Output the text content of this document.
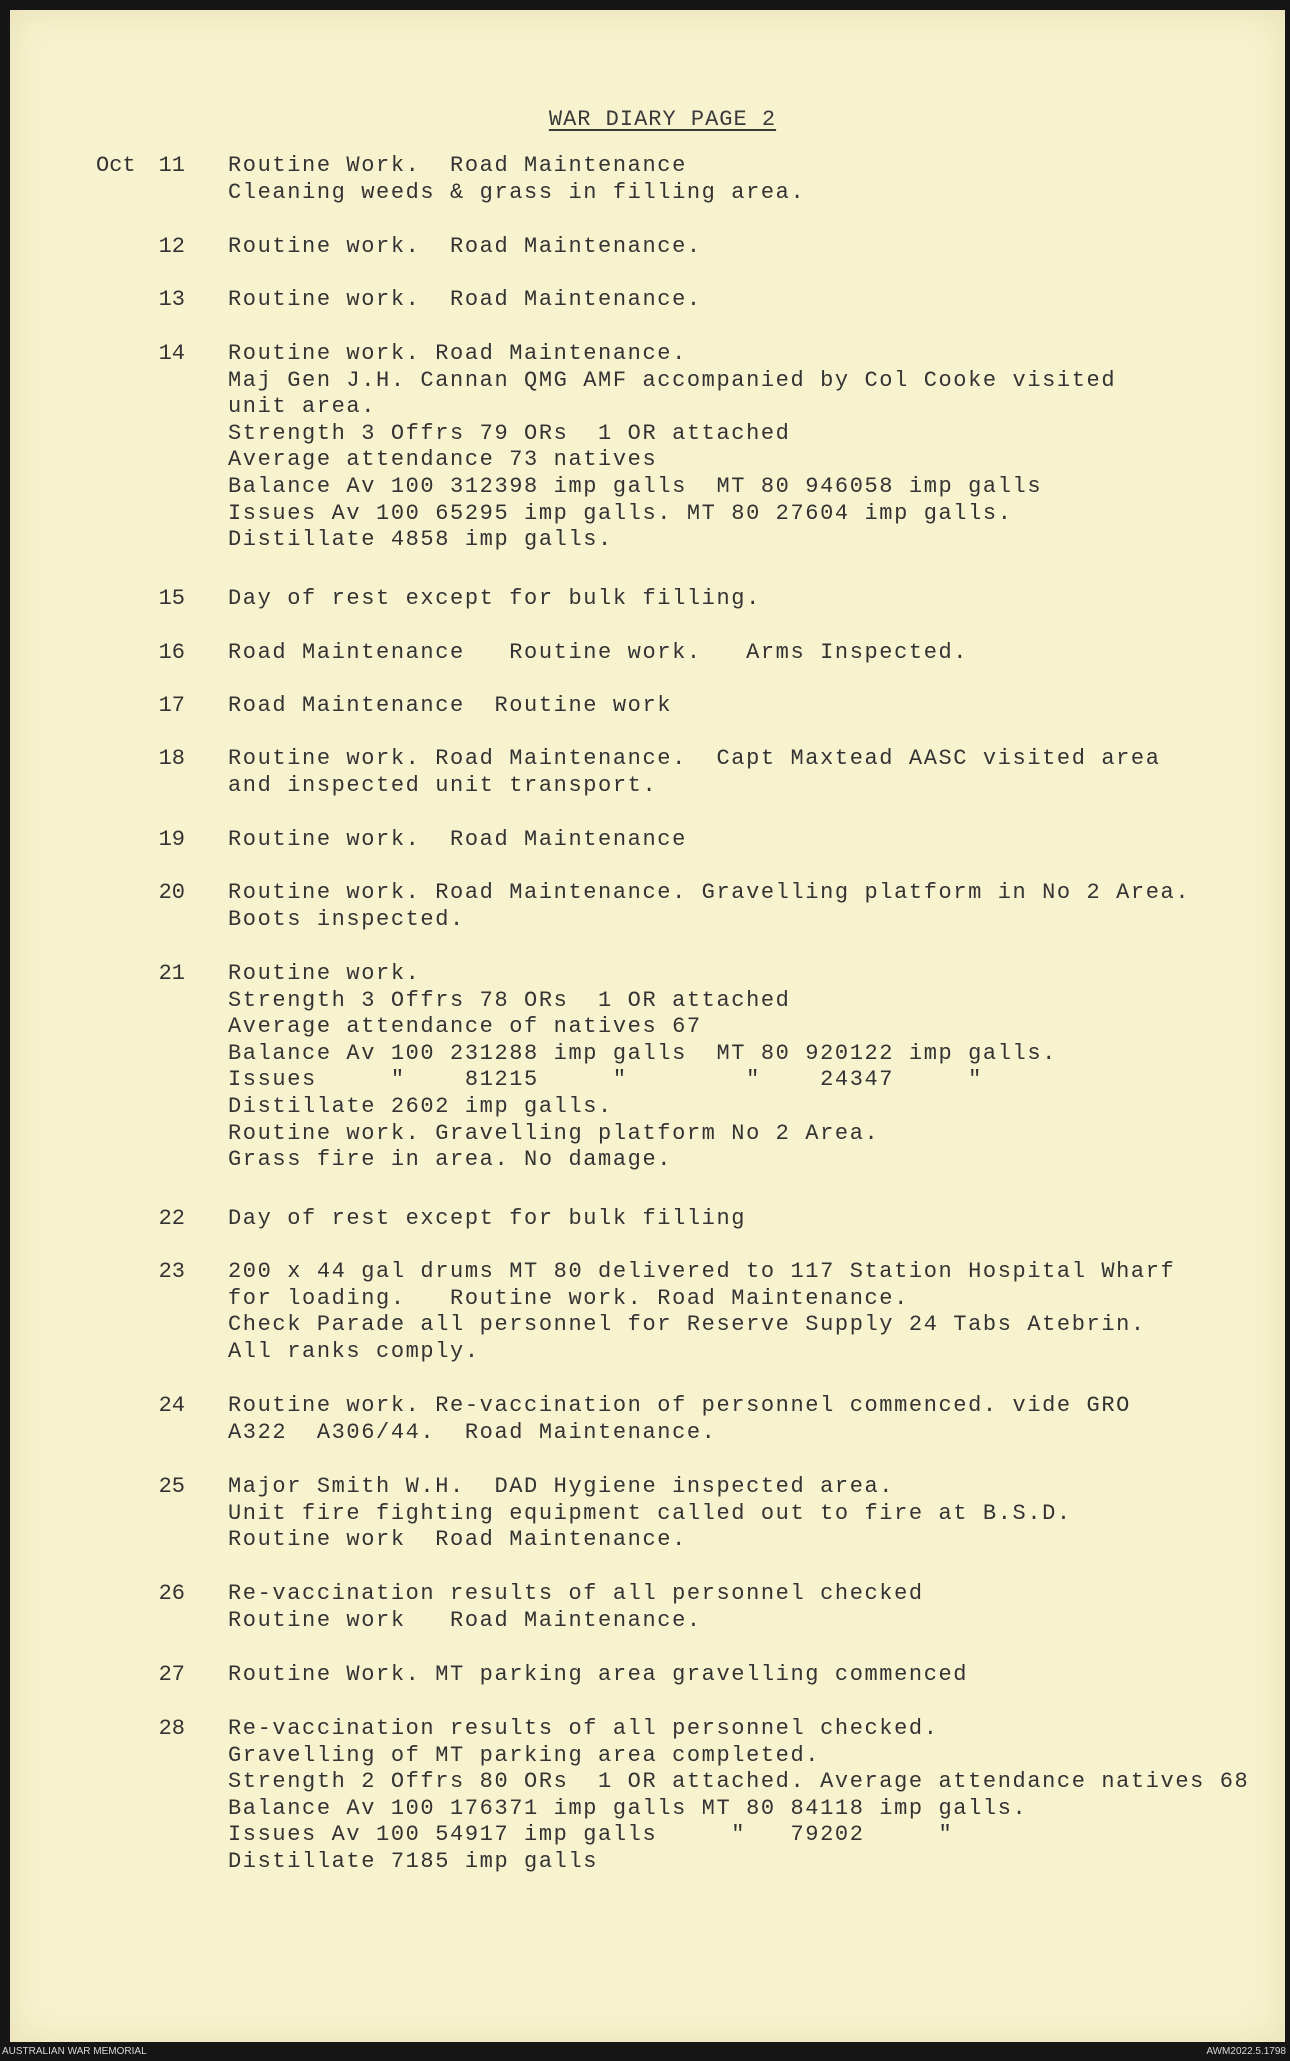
WAR DIARY PAGE 2
Oct	11 Routine Work.  Road Maintenance
Cleaning weeds & grass in filling area.
12 Routine work.  Road Maintenance.
13 Routine work.  Road Maintenance.
14 Routine work. Road Maintenance.
Maj Gen J.H. Cannan QMG AMF accompanied by Col Cooke visited
unit area.
Strength 3 Offrs 79 ORs  1 OR attached
Average attendance 73 natives
Balance Av 100 312398 imp galls  MT 80 946058 imp galls
Issues Av 100 65295 imp galls. MT 80 27604 imp galls.
Distillate 4858 imp galls.
15 Day of rest except for bulk filling.
16 Road Maintenance   Routine work.   Arms Inspected.
17 Road Maintenance  Routine work
18 Routine work. Road Maintenance.  Capt Maxtead AASC visited area
and inspected unit transport.
19 Routine work.  Road Maintenance
20 Routine work. Road Maintenance. Gravelling platform in No 2 Area.
Boots inspected.
21 Routine work.
Strength 3 Offrs 78 ORs  1 OR attached
Average attendance of natives 67
Balance Av 100 231288 imp galls  MT 80 920122 imp galls.
Issues     "    81215     "        "    24347     "
Distillate 2602 imp galls.
Routine work. Gravelling platform No 2 Area.
Grass fire in area. No damage.
22 Day of rest except for bulk filling
23 200 x 44 gal drums MT 80 delivered to 117 Station Hospital Wharf
for loading.   Routine work. Road Maintenance.
Check Parade all personnel for Reserve Supply 24 Tabs Atebrin.
All ranks comply.
24 Routine work. Re-vaccination of personnel commenced. vide GRO
A322  A306/44.  Road Maintenance.
25 Major Smith W.H.  DAD Hygiene inspected area.
Unit fire fighting equipment called out to fire at B.S.D.
Routine work  Road Maintenance.
26 Re-vaccination results of all personnel checked
Routine work   Road Maintenance.
27 Routine Work. MT parking area gravelling commenced
28 Re-vaccination results of all personnel checked.
Gravelling of MT parking area completed.
Strength 2 Offrs 80 ORs  1 OR attached. Average attendance natives 68
Balance Av 100 176371 imp galls MT 80 84118 imp galls.
Issues Av 100 54917 imp galls     "   79202     "
Distillate 7185 imp galls
AUSTRALIAN WAR MEMORIAL	AWM2022.5.1798
